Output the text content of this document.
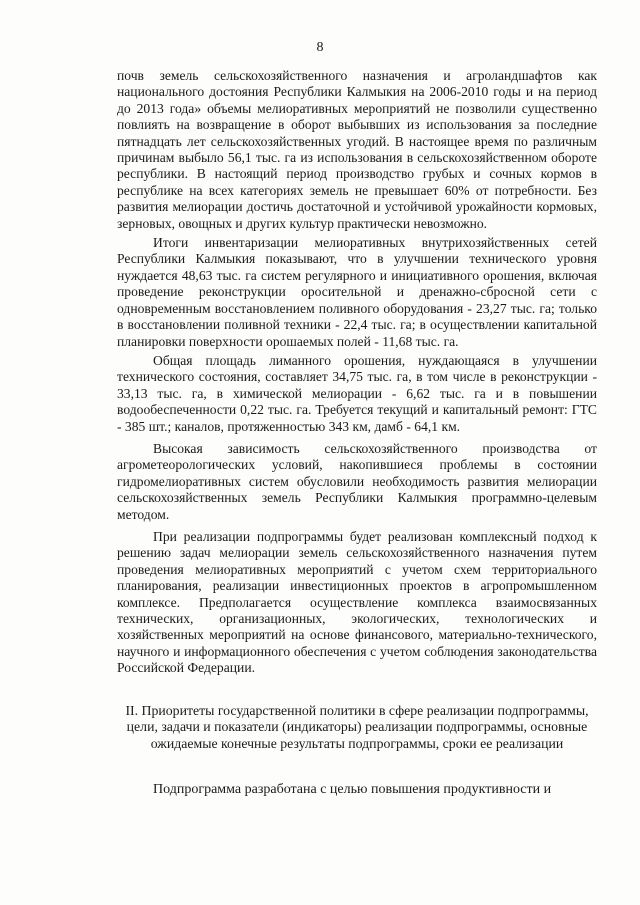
8

почв земель сельскохозяйственного назначения и агроландшафтов как национального достояния Республики Калмыкия на 2006-2010 годы и на период до 2013 года» объемы мелиоративных мероприятий не позволили существенно повлиять на возвращение в оборот выбывших из использования за последние пятнадцать лет сельскохозяйственных угодий. В настоящее время по различным причинам выбыло 56,1 тыс. га из использования в сельскохозяйственном обороте республики. В настоящий период производство грубых и сочных кормов в республике на всех категориях земель не превышает 60% от потребности. Без развития мелиорации достичь достаточной и устойчивой урожайности кормовых, зерновых, овощных и других культур практически невозможно.

Итоги инвентаризации мелиоративных внутрихозяйственных сетей Республики Калмыкия показывают, что в улучшении технического уровня нуждается 48,63 тыс. га систем регулярного и инициативного орошения, включая проведение реконструкции оросительной и дренажно-сбросной сети с одновременным восстановлением поливного оборудования - 23,27 тыс. га; только в восстановлении поливной техники - 22,4 тыс. га; в осуществлении капитальной планировки поверхности орошаемых полей - 11,68 тыс. га.

Общая площадь лиманного орошения, нуждающаяся в улучшении технического состояния, составляет 34,75 тыс. га, в том числе в реконструкции - 33,13 тыс. га, в химической мелиорации - 6,62 тыс. га и в повышении водообеспеченности 0,22 тыс. га. Требуется текущий и капитальный ремонт: ГТС - 385 шт.; каналов, протяженностью 343 км, дамб - 64,1 км.

Высокая зависимость сельскохозяйственного производства от агрометеорологических условий, накопившиеся проблемы в состоянии гидромелиоративных систем обусловили необходимость развития мелиорации сельскохозяйственных земель Республики Калмыкия программно-целевым методом.

При реализации подпрограммы будет реализован комплексный подход к решению задач мелиорации земель сельскохозяйственного назначения путем проведения мелиоративных мероприятий с учетом схем территориального планирования, реализации инвестиционных проектов в агропромышленном комплексе. Предполагается осуществление комплекса взаимосвязанных технических, организационных, экологических, технологических и хозяйственных мероприятий на основе финансового, материально-технического, научного и информационного обеспечения с учетом соблюдения законодательства Российской Федерации.

II. Приоритеты государственной политики в сфере реализации подпрограммы, цели, задачи и показатели (индикаторы) реализации подпрограммы, основные ожидаемые конечные результаты подпрограммы, сроки ее реализации

Подпрограмма разработана с целью повышения продуктивности и
